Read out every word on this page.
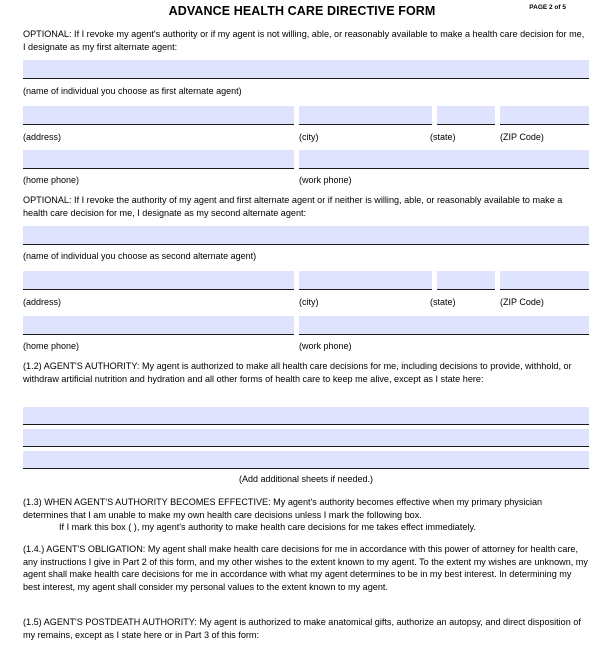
ADVANCE HEALTH CARE DIRECTIVE FORM	PAGE 2 of 5
OPTIONAL: If I revoke my agent's authority or if my agent is not willing, able, or reasonably available to make a health care decision for me, I designate as my first alternate agent:
(name of individual you choose as first alternate agent)
(address)	(city)	(state)	(ZIP Code)
(home phone)	(work phone)
OPTIONAL: If I revoke the authority of my agent and first alternate agent or if neither is willing, able, or reasonably available to make a health care decision for me, I designate as my second alternate agent:
(name of individual you choose as second alternate agent)
(address)	(city)	(state)	(ZIP Code)
(home phone)	(work phone)
(1.2) AGENT'S AUTHORITY: My agent is authorized to make all health care decisions for me, including decisions to provide, withhold, or withdraw artificial nutrition and hydration and all other forms of health care to keep me alive, except as I state here:
(Add additional sheets if needed.)
(1.3) WHEN AGENT'S AUTHORITY BECOMES EFFECTIVE: My agent's authority becomes effective when my primary physician determines that I am unable to make my own health care decisions unless I mark the following box.
If I mark this box ( ), my agent's authority to make health care decisions for me takes effect immediately.
(1.4.) AGENT'S OBLIGATION: My agent shall make health care decisions for me in accordance with this power of attorney for health care, any instructions I give in Part 2 of this form, and my other wishes to the extent known to my agent. To the extent my wishes are unknown, my agent shall make health care decisions for me in accordance with what my agent determines to be in my best interest. In determining my best interest, my agent shall consider my personal values to the extent known to my agent.
(1.5) AGENT'S POSTDEATH AUTHORITY: My agent is authorized to make anatomical gifts, authorize an autopsy, and direct disposition of my remains, except as I state here or in Part 3 of this form:
